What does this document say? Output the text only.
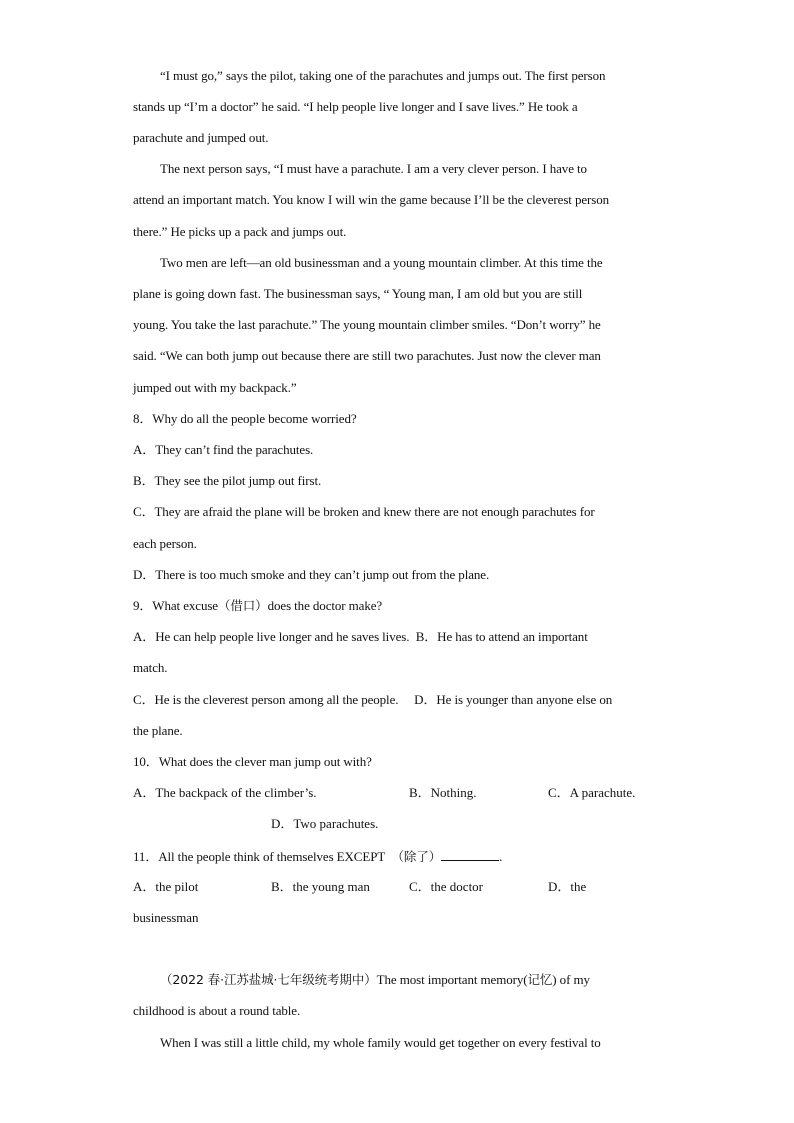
“I must go,” says the pilot, taking one of the parachutes and jumps out. The first person
stands up “I’m a doctor” he said. “I help people live longer and I save lives.” He took a
parachute and jumped out.
The next person says, “I must have a parachute. I am a very clever person. I have to
attend an important match. You know I will win the game because I’ll be the cleverest person
there.” He picks up a pack and jumps out.
Two men are left—an old businessman and a young mountain climber. At this time the
plane is going down fast. The businessman says, “ Young man, I am old but you are still
young. You take the last parachute.” The young mountain climber smiles. “Don’t worry” he
said. “We can both jump out because there are still two parachutes. Just now the clever man
jumped out with my backpack.”
8．Why do all the people become worried?
A．They can’t find the parachutes.
B．They see the pilot jump out first.
C．They are afraid the plane will be broken and knew there are not enough parachutes for
each person.
D．There is too much smoke and they can’t jump out from the plane.
9．What excuse（借口）does the doctor make?
A．He can help people live longer and he saves lives. B．He has to attend an important
match.
C．He is the cleverest person among all the people. D．He is younger than anyone else on
the plane.
10．What does the clever man jump out with?
A．The backpack of the climber’s.	B．Nothing.	C．A parachute.
D．Two parachutes.
11．All the people think of themselves EXCEPT （除了）	.
A．the pilot	B．the young man	C．the doctor	D．the
businessman
（2022 春·江苏盐城·七年级统考期中）The most important memory(记忆) of my
childhood is about a round table.
When I was still a little child, my whole family would get together on every festival to
